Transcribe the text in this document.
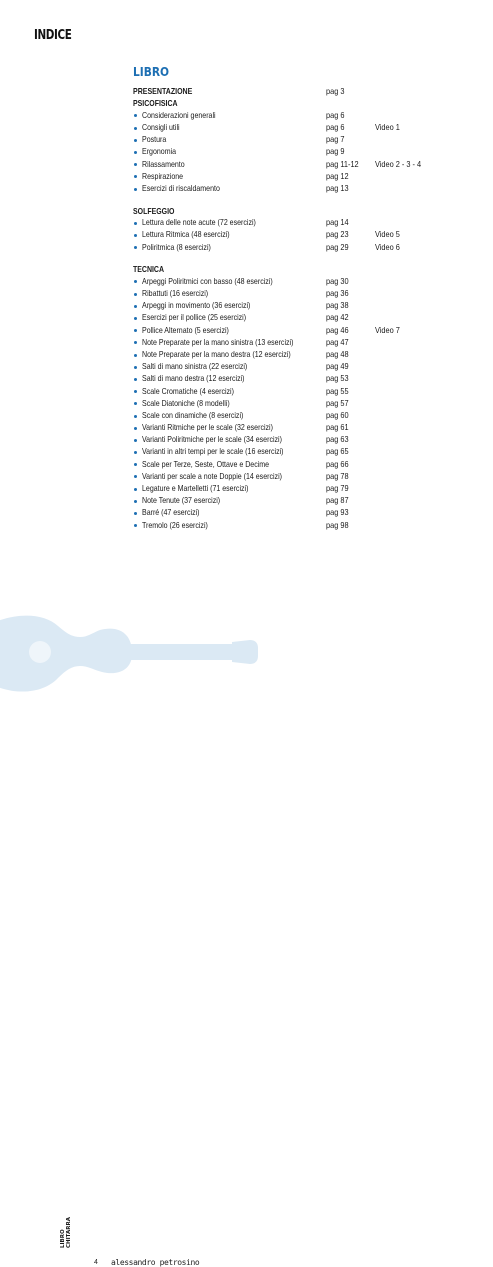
INDICE
LIBRO
PRESENTAZIONE	pag 3
PSICOFISICA
Considerazioni generali	pag 6
Consigli utili	pag 6	Video 1
Postura	pag 7
Ergonomia	pag 9
Rilassamento	pag 11-12 Video 2 - 3 - 4
Respirazione	pag 12
Esercizi di riscaldamento	pag 13
SOLFEGGIO
Lettura delle note acute (72 esercizi)	pag 14
Lettura Ritmica (48 esercizi)	pag 23	Video 5
Poliritmica (8 esercizi)	pag 29	Video 6
TECNICA
Arpeggi Poliritmici con basso (48 esercizi)	pag 30
Ribattuti (16 esercizi)	pag 36
Arpeggi in movimento (36 esercizi)	pag 38
Esercizi per il pollice (25 esercizi)	pag 42
Pollice Alternato (5 esercizi)	pag 46	Video 7
Note Preparate per la mano sinistra (13 esercizi)	pag 47
Note Preparate per la mano destra (12 esercizi)	pag 48
Salti di mano sinistra (22 esercizi)	pag 49
Salti di mano destra (12 esercizi)	pag 53
Scale Cromatiche (4 esercizi)	pag 55
Scale Diatoniche (8 modelli)	pag 57
Scale con dinamiche (8 esercizi)	pag 60
Varianti Ritmiche per le scale (32 esercizi)	pag 61
Varianti Poliritmiche per le scale (34 esercizi)	pag 63
Varianti in altri tempi per le scale (16 esercizi)	pag 65
Scale per Terze, Seste, Ottave e Decime	pag 66
Varianti per scale a note Doppie (14 esercizi)	pag 78
Legature e Martelletti (71 esercizi)	pag 79
Note Tenute (37 esercizi)	pag 87
Barré (47 esercizi)	pag 93
Tremolo (26 esercizi)	pag 98
LIBRO CHITARRA
4 alessandro petrosino
